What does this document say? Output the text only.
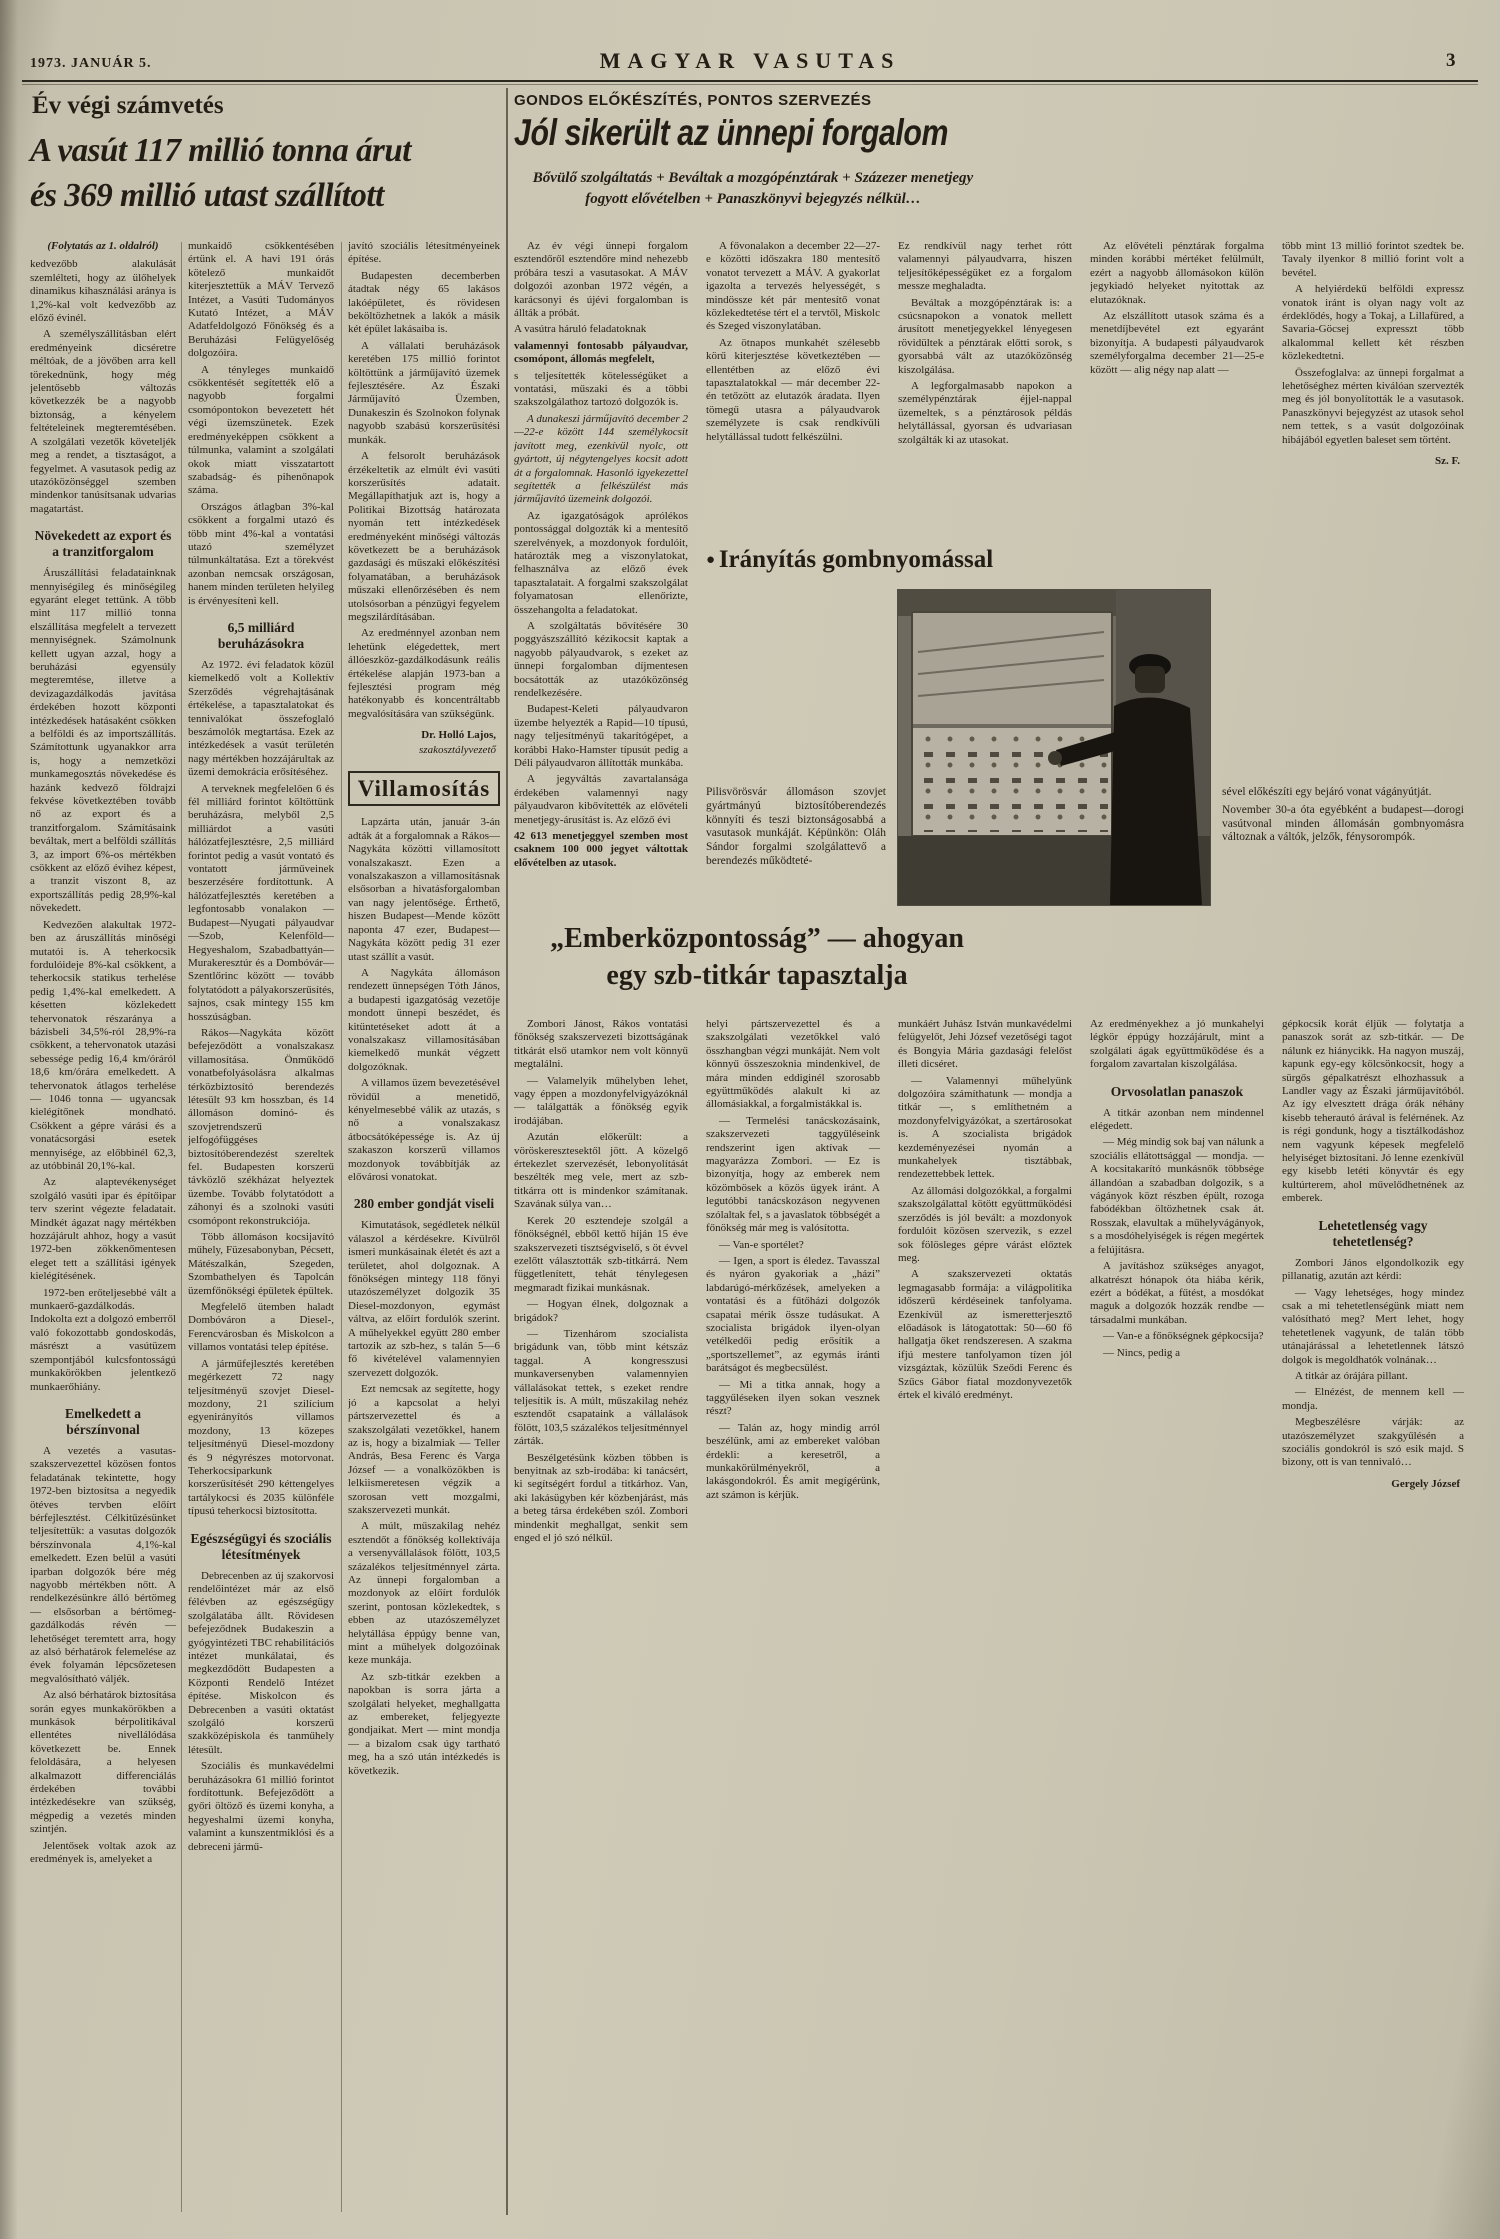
1973. JANUÁR 5.	MAGYAR VASUTAS	3
Év végi számvetés
A vasút 117 millió tonna árut
és 369 millió utast szállított

(Folytatás az 1. oldalról)

kedvezőbb alakulását szemlélteti, hogy az ülőhelyek dinamikus kihasználási aránya is 1,2%-kal volt kedvezőbb az előző évinél.

A személyszállításban elért eredményeink dicséretre méltóak, de a jövőben arra kell törekednünk, hogy még jelentősebb változás következzék be a nagyobb biztonság, a kényelem feltételeinek megteremtésében. A szolgálati vezetők követeljék meg a rendet, a tisztaságot, a fegyelmet. A vasutasok pedig az utazóközönséggel szemben mindenkor tanúsítsanak udvarias magatartást.

Növekedett az export és a tranzitforgalom

Áruszállítási feladatainknak mennyiségileg és minőségileg egyaránt eleget tettünk. A több mint 117 millió tonna elszállítása megfelelt a tervezett mennyiségnek. Számolnunk kellett ugyan azzal, hogy a beruházási egyensúly megteremtése, illetve a devizagazdálkodás javítása érdekében hozott központi intézkedések hatásaként csökken a belföldi és az importszállítás. Számítottunk ugyanakkor arra is, hogy a nemzetközi munkamegosztás növekedése és hazánk kedvező földrajzi fekvése következtében tovább nő az export és a tranzitforgalom. Számításaink beváltak, mert a belföldi szállítás 3, az import 6%-os mértékben csökkent az előző évihez képest, a tranzit viszont 8, az exportszállítás pedig 28,9%-kal növekedett.

Kedvezően alakultak 1972-ben az áruszállítás minőségi mutatói is. A teherkocsik fordulóideje 8%-kal csökkent, a teherkocsik statikus terhelése pedig 1,4%-kal emelkedett. A késetten közlekedett tehervonatok részaránya a bázisbeli 34,5%-ról 28,9%-ra csökkent, a tehervonatok utazási sebessége pedig 16,4 km/óráról 18,6 km/órára emelkedett. A tehervonatok átlagos terhelése — 1046 tonna — ugyancsak kielégítőnek mondható. Csökkent a gépre várási és a vonatácsorgási esetek mennyisége, az előbbinél 62,3, az utóbbinál 20,1%-kal.

Az alaptevékenységet szolgáló vasúti ipar és építőipar terv szerint végezte feladatait. Mindkét ágazat nagy mértékben hozzájárult ahhoz, hogy a vasút 1972-ben zökkenőmentesen eleget tett a szállítási igények kielégítésének.

1972-ben erőteljesebbé vált a munkaerő-gazdálkodás. Indokolta ezt a dolgozó emberről való fokozottabb gondoskodás, másrészt a vasútüzem szempontjából kulcsfontosságú munkakörökben jelentkező munkaerőhiány.

Emelkedett a bérszínvonal

A vezetés a vasutas-szakszervezettel közösen fontos feladatának tekintette, hogy 1972-ben biztosítsa a negyedik ötéves tervben előírt bérfejlesztést. Célkitűzésünket teljesítettük: a vasutas dolgozók bérszínvonala 4,1%-kal emelkedett. Ezen belül a vasúti iparban dolgozók bére még nagyobb mértékben nőtt. A rendelkezésünkre álló bértömeg — elsősorban a bértömeg-gazdálkodás révén — lehetőséget teremtett arra, hogy az alsó bérhatárok felemelése az évek folyamán lépcsőzetesen megvalósítható váljék.

Az alsó bérhatárok biztosítása során egyes munkakörökben a munkások bérpolitikával ellentétes nivellálódása következett be. Ennek feloldására, a helyesen alkalmazott differenciálás érdekében további intézkedésekre van szükség, mégpedig a vezetés minden szintjén.

Jelentősek voltak azok az eredmények is, amelyeket a

munkaidő csökkentésében értünk el. A havi 191 órás kötelező munkaidőt kiterjesztettük a MÁV Tervező Intézet, a Vasúti Tudományos Kutató Intézet, a MÁV Adatfeldolgozó Főnökség és a Beruházási Felügyelőség dolgozóira.

A tényleges munkaidő csökkentését segítették elő a nagyobb forgalmi csomópontokon bevezetett hét végi üzemszünetek. Ezek eredményeképpen csökkent a túlmunka, valamint a szolgálati okok miatt visszatartott szabadság- és pihenőnapok száma.

Országos átlagban 3%-kal csökkent a forgalmi utazó és több mint 4%-kal a vontatási utazó személyzet túlmunkáltatása. Ezt a törekvést azonban nemcsak országosan, hanem minden területen helyileg is érvényesíteni kell.

6,5 milliárd beruházásokra

Az 1972. évi feladatok közül kiemelkedő volt a Kollektív Szerződés végrehajtásának értékelése, a tapasztalatokat és tennivalókat összefoglaló beszámolók megtartása. Ezek az intézkedések a vasút területén nagy mértékben hozzájárultak az üzemi demokrácia erősítéséhez.

A terveknek megfelelően 6 és fél milliárd forintot költöttünk beruházásra, melyből 2,5 milliárdot a vasúti hálózatfejlesztésre, 2,5 milliárd forintot pedig a vasút vontató és vontatott járműveinek beszerzésére fordítottunk. A hálózatfejlesztés keretében a legfontosabb vonalakon — Budapest—Nyugati pályaudvar—Szob, Kelenföld—Hegyeshalom, Szabadbattyán—Murakeresztúr és a Dombóvár—Szentlőrinc között — tovább folytatódott a pályakorszerűsítés, sajnos, csak mintegy 155 km hosszúságban.

Rákos—Nagykáta között befejeződött a vonalszakasz villamosítása. Önműködő vonatbefolyásolásra alkalmas térközbiztosító berendezés létesült 93 km hosszban, és 14 állomáson dominó- és szovjetrendszerű jelfogófüggéses biztosítóberendezést szereltek fel. Budapesten korszerű távközlő székházat helyeztek üzembe. Tovább folytatódott a záhonyi és a szolnoki vasúti csomópont rekonstrukciója.

Több állomáson kocsijavító műhely, Füzesabonyban, Pécsett, Mátészalkán, Szegeden, Szombathelyen és Tapolcán üzemfőnökségi épületek épültek.

Megfelelő ütemben haladt Dombóváron a Diesel-, Ferencvárosban és Miskolcon a villamos vontatási telep építése.

A járműfejlesztés keretében megérkezett 72 nagy teljesítményű szovjet Diesel-mozdony, 21 szilícium egyenirányítós villamos mozdony, 13 közepes teljesítményű Diesel-mozdony és 9 négyrészes motorvonat. Teherkocsiparkunk korszerűsítését 290 kéttengelyes tartálykocsi és 2035 különféle típusú teherkocsi biztosította.

Egészségügyi és szociális létesítmények

Debrecenben az új szakorvosi rendelőintézet már az első félévben az egészségügy szolgálatába állt. Rövidesen befejeződnek Budakeszin a gyógyintézeti TBC rehabilitációs intézet munkálatai, és megkezdődött Budapesten a Központi Rendelő Intézet építése. Miskolcon és Debrecenben a vasúti oktatást szolgáló korszerű szakközépiskola és tanműhely létesült.

Szociális és munkavédelmi beruházásokra 61 millió forintot fordítottunk. Befejeződött a győri öltöző és üzemi konyha, a hegyeshalmi üzemi konyha, valamint a kunszentmiklósi és a debreceni jármű-

javító szociális létesítményeinek építése.

Budapesten decemberben átadtak négy 65 lakásos lakóépületet, és rövidesen beköltözhetnek a lakók a másik két épület lakásaiba is.

A vállalati beruházások keretében 175 millió forintot költöttünk a járműjavító üzemek fejlesztésére. Az Északi Járműjavító Üzemben, Dunakeszin és Szolnokon folynak nagyobb szabású korszerűsítési munkák.

A felsorolt beruházások érzékeltetik az elmúlt évi vasúti korszerűsítés adatait. Megállapíthatjuk azt is, hogy a Politikai Bizottság határozata nyomán tett intézkedések eredményeként minőségi változás következett be a beruházások gazdasági és műszaki előkészítési folyamatában, a beruházások műszaki ellenőrzésében és nem utolsósorban a pénzügyi fegyelem megszilárdításában.

Az eredménnyel azonban nem lehetünk elégedettek, mert állóeszköz-gazdálkodásunk reális értékelése alapján 1973-ban a fejlesztési program még hatékonyabb és koncentráltabb megvalósítására van szükségünk.

Dr. Holló Lajos,

szakosztályvezető

Villamosítás

Lapzárta után, január 3-án adták át a forgalomnak a Rákos—Nagykáta közötti villamosított vonalszakaszt. Ezen a vonalszakaszon a villamosításnak elsősorban a hivatásforgalomban van nagy jelentősége. Érthető, hiszen Budapest—Mende között naponta 47 ezer, Budapest—Nagykáta között pedig 31 ezer utast szállít a vasút.

A Nagykáta állomáson rendezett ünnepségen Tóth János, a budapesti igazgatóság vezetője mondott ünnepi beszédet, és kitüntetéseket adott át a vonalszakasz villamosításában kiemelkedő munkát végzett dolgozóknak.

A villamos üzem bevezetésével rövidül a menetidő, kényelmesebbé válik az utazás, s nő a vonalszakasz átbocsátóképessége is. Az új szakaszon korszerű villamos mozdonyok továbbítják az elővárosi vonatokat.

280 ember gondját viseli

Kimutatások, segédletek nélkül válaszol a kérdésekre. Kívülről ismeri munkásainak életét és azt a területet, ahol dolgoznak. A főnökségen mintegy 118 főnyi utazószemélyzet dolgozik 35 Diesel-mozdonyon, egymást váltva, az előírt fordulók szerint. A műhelyekkel együtt 280 ember tartozik az szb-hez, s talán 5—6 fő kivételével valamennyien szervezett dolgozók.

Ezt nemcsak az segítette, hogy jó a kapcsolat a helyi pártszervezettel és a szakszolgálati vezetőkkel, hanem az is, hogy a bizalmiak — Teller András, Besa Ferenc és Varga József — a vonalközökben is lelkiismeretesen végzik a szorosan vett mozgalmi, szakszervezeti munkát.

A múlt, műszakilag nehéz esztendőt a főnökség kollektívája a versenyvállalások fölött, 103,5 százalékos teljesítménnyel zárta. Az ünnepi forgalomban a mozdonyok az előírt fordulók szerint, pontosan közlekedtek, s ebben az utazószemélyzet helytállása éppúgy benne van, mint a műhelyek dolgozóinak keze munkája.

Az szb-titkár ezekben a napokban is sorra járta a szolgálati helyeket, meghallgatta az embereket, feljegyezte gondjaikat. Mert — mint mondja — a bizalom csak úgy tartható meg, ha a szó után intézkedés is következik.

GONDOS ELŐKÉSZÍTÉS, PONTOS SZERVEZÉS
Jól sikerült az ünnepi forgalom
Bővülő szolgáltatás + Beváltak a mozgópénztárak + Százezer menetjegy fogyott elővételben + Panaszkönyvi bejegyzés nélkül…

Az év végi ünnepi forgalom esztendőről esztendőre mind nehezebb próbára teszi a vasutasokat. A MÁV dolgozói azonban 1972 végén, a karácsonyi és újévi forgalomban is állták a próbát.

A vasútra háruló feladatoknak

valamennyi fontosabb pályaudvar, csomópont, állomás megfelelt,

s teljesítették kötelességüket a vontatási, műszaki és a többi szakszolgálathoz tartozó dolgozók is.

A dunakeszi járműjavító december 2—22-e között 144 személykocsit javított meg, ezenkívül nyolc, ott gyártott, új négytengelyes kocsit adott át a forgalomnak. Hasonló igyekezettel segítették a felkészülést más járműjavító üzemeink dolgozói.

Az igazgatóságok aprólékos pontossággal dolgozták ki a mentesítő szerelvények, a mozdonyok fordulóit, határozták meg a viszonylatokat, felhasználva az előző évek tapasztalatait. A forgalmi szakszolgálat folyamatosan ellenőrizte, összehangolta a feladatokat.

A szolgáltatás bővítésére 30 poggyászszállító kézikocsit kaptak a nagyobb pályaudvarok, s ezeket az ünnepi forgalomban díjmentesen bocsátották az utazóközönség rendelkezésére.

Budapest-Keleti pályaudvaron üzembe helyezték a Rapid—10 típusú, nagy teljesítményű takarítógépet, a korábbi Hako-Hamster típusút pedig a Déli pályaudvaron állították munkába.

A jegyváltás zavartalansága érdekében valamennyi nagy pályaudvaron kibővítették az elővételi menetjegy-árusítást is. Az előző évi

42 613 menetjeggyel szemben most csaknem 100 000 jegyet váltottak elővételben az utasok.

A fővonalakon a december 22—27-e közötti időszakra 180 mentesítő vonatot tervezett a MÁV. A gyakorlat igazolta a tervezés helyességét, s mindössze két pár mentesítő vonat közlekedtetése tért el a tervtől, Miskolc és Szeged viszonylatában.

Az ötnapos munkahét szélesebb körű kiterjesztése következtében — ellentétben az előző évi tapasztalatokkal — már december 22-én tetőzött az elutazók áradata. Ilyen tömegű utasra a pályaudvarok személyzete is csak rendkívüli helytállással tudott felkészülni.

Ez rendkívül nagy terhet rótt valamennyi pályaudvarra, hiszen teljesítőképességüket ez a forgalom messze meghaladta.

Beváltak a mozgópénztárak is: a csúcsnapokon a vonatok mellett árusított menetjegyekkel lényegesen rövidültek a pénztárak előtti sorok, s gyorsabbá vált az utazóközönség kiszolgálása.

A legforgalmasabb napokon a személypénztárak éjjel-nappal üzemeltek, s a pénztárosok példás helytállással, gyorsan és udvariasan szolgálták ki az utasokat.

Az elővételi pénztárak forgalma minden korábbi mértéket felülmúlt, ezért a nagyobb állomásokon külön jegykiadó helyeket nyitottak az elutazóknak.

Az elszállított utasok száma és a menetdíjbevétel ezt egyaránt bizonyítja. A budapesti pályaudvarok személyforgalma december 21—25-e között — alig négy nap alatt —

több mint 13 millió forintot szedtek be. Tavaly ilyenkor 8 millió forint volt a bevétel.

A helyiérdekű belföldi expressz vonatok iránt is olyan nagy volt az érdeklődés, hogy a Tokaj, a Lillafüred, a Savaria-Göcsej expresszt több alkalommal kellett két részben közlekedtetni.

Összefoglalva: az ünnepi forgalmat a lehetőséghez mérten kiválóan szervezték meg és jól bonyolították le a vasutasok. Panaszkönyvi bejegyzést az utasok sehol nem tettek, s a vasút dolgozóinak hibájából egyetlen baleset sem történt.

Sz. F.

● Irányítás gombnyomással

Pilisvörösvár állomáson szovjet gyártmányú biztosítóberendezés könnyíti és teszi biztonságosabbá a vasutasok munkáját. Képünkön: Oláh Sándor forgalmi szolgálattevő a berendezés működteté-

sével előkészíti egy bejáró vonat vágányútját.

November 30-a óta egyébként a budapest—dorogi vasútvonal minden állomásán gombnyomásra változnak a váltók, jelzők, fénysorompók.

„Emberközpontosság” — ahogyan
egy szb-titkár tapasztalja

Zombori Jánost, Rákos vontatási főnökség szakszervezeti bizottságának titkárát első utamkor nem volt könnyű megtalálni.

— Valamelyik műhelyben lehet, vagy éppen a mozdonyfelvigyázóknál — találgatták a főnökség egyik irodájában.

Azután előkerült: a vöröskeresztesektől jött. A közelgő értekezlet szervezését, lebonyolítását beszélték meg vele, mert az szb-titkárra ott is mindenkor számítanak. Szavának súlya van…

Kerek 20 esztendeje szolgál a főnökségnél, ebből kettő híján 15 éve szakszervezeti tisztségviselő, s öt évvel ezelőtt választották szb-titkárrá. Nem függetlenített, tehát ténylegesen megmaradt fizikai munkásnak.

— Hogyan élnek, dolgoznak a brigádok?

— Tizenhárom szocialista brigádunk van, több mint kétszáz taggal. A kongresszusi munkaversenyben valamennyien vállalásokat tettek, s ezeket rendre teljesítik is. A múlt, műszakilag nehéz esztendőt csapataink a vállalások fölött, 103,5 százalékos teljesítménnyel zárták.

Beszélgetésünk közben többen is benyitnak az szb-irodába: ki tanácsért, ki segítségért fordul a titkárhoz. Van, aki lakásügyben kér közbenjárást, más a beteg társa érdekében szól. Zombori mindenkit meghallgat, senkit sem enged el jó szó nélkül.

helyi pártszervezettel és a szakszolgálati vezetőkkel való összhangban végzi munkáját. Nem volt könnyű összeszoknia mindenkivel, de mára minden eddiginél szorosabb együttműködés alakult ki az állomásiakkal, a forgalmistákkal is.

— Termelési tanácskozásaink, szakszervezeti taggyűléseink rendszerint igen aktívak — magyarázza Zombori. — Ez is bizonyítja, hogy az emberek nem közömbösek a közös ügyek iránt. A legutóbbi tanácskozáson negyvenen szólaltak fel, s a javaslatok többségét a főnökség már meg is valósította.

— Van-e sportélet?

— Igen, a sport is éledez. Tavasszal és nyáron gyakoriak a „házi” labdarúgó-mérkőzések, amelyeken a vontatási és a fűtőházi dolgozók csapatai mérik össze tudásukat. A szocialista brigádok ilyen-olyan vetélkedői pedig erősítik a „sportszellemet”, az egymás iránti barátságot és megbecsülést.

— Mi a titka annak, hogy a taggyűléseken ilyen sokan vesznek részt?

— Talán az, hogy mindig arról beszélünk, ami az embereket valóban érdekli: a keresetről, a munkakörülményekről, a lakásgondokról. És amit megígérünk, azt számon is kérjük.

munkáért Juhász István munkavédelmi felügyelőt, Jehi József vezetőségi tagot és Bongyia Mária gazdasági felelőst illeti dicséret.

— Valamennyi műhelyünk dolgozóira számíthatunk — mondja a titkár —, s említhetném a mozdonyfelvigyázókat, a szertárosokat is. A szocialista brigádok kezdeményezései nyomán a munkahelyek tisztábbak, rendezettebbek lettek.

Az állomási dolgozókkal, a forgalmi szakszolgálattal kötött együttműködési szerződés is jól bevált: a mozdonyok fordulóit közösen szervezik, s ezzel sok fölösleges gépre várást előztek meg.

A szakszervezeti oktatás legmagasabb formája: a világpolitika időszerű kérdéseinek tanfolyama. Ezenkívül az ismeretterjesztő előadások is látogatottak: 50—60 fő hallgatja őket rendszeresen. A szakma ifjú mestere tanfolyamon tízen jól vizsgáztak, közülük Szeődi Ferenc és Szűcs Gábor fiatal mozdonyvezetők értek el kiváló eredményt.

Az eredményekhez a jó munkahelyi légkör éppúgy hozzájárult, mint a szolgálati ágak együttműködése és a forgalom zavartalan kiszolgálása.

Orvosolatlan panaszok

A titkár azonban nem mindennel elégedett.

— Még mindig sok baj van nálunk a szociális ellátottsággal — mondja. — A kocsitakarító munkásnők többsége állandóan a szabadban dolgozik, s a vágányok közt részben épült, rozoga fabódékban öltözhetnek csak át. Rosszak, elavultak a műhelyvágányok, s a mosdóhelyiségek is régen megértek a felújításra.

A javításhoz szükséges anyagot, alkatrészt hónapok óta hiába kérik, ezért a bódékat, a fűtést, a mosdókat maguk a dolgozók hozzák rendbe — társadalmi munkában.

— Van-e a főnökségnek gépkocsija?

— Nincs, pedig a

gépkocsik korát éljük — folytatja a panaszok sorát az szb-titkár. — De nálunk ez hiánycikk. Ha nagyon muszáj, kapunk egy-egy kölcsönkocsit, hogy a sürgős gépalkatrészt elhozhassuk a Landler vagy az Északi járműjavítóból. Az így elvesztett drága órák néhány kisebb teherautó árával is felérnének. Az is régi gondunk, hogy a tisztálkodáshoz nem vagyunk képesek megfelelő helyiséget biztosítani. Jó lenne ezenkívül egy kisebb letéti könyvtár és egy kultúrterem, ahol művelődhetnének az emberek.

Lehetetlenség vagy tehetetlenség?

Zombori János elgondolkozik egy pillanatig, azután azt kérdi:

— Vagy lehetséges, hogy mindez csak a mi tehetetlenségünk miatt nem valósítható meg? Mert lehet, hogy tehetetlenek vagyunk, de talán több utánajárással a lehetetlennek látszó dolgok is megoldhatók volnának…

A titkár az órájára pillant.

— Elnézést, de mennem kell — mondja.

Megbeszélésre várják: az utazószemélyzet szakgyűlésén a szociális gondokról is szó esik majd. S bizony, ott is van tennivaló…

Gergely József
